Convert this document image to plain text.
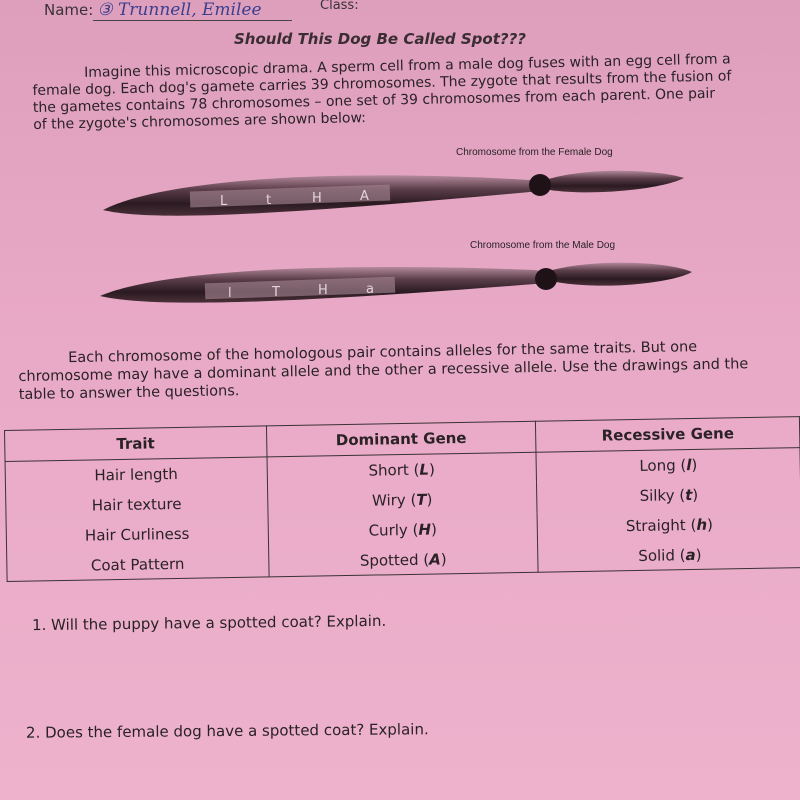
Name: ③ Trunnell, Emilee	Class:
Should This Dog Be Called Spot???
Imagine this microscopic drama. A sperm cell from a male dog fuses with an egg cell from a female dog. Each dog's gamete carries 39 chromosomes. The zygote that results from the fusion of the gametes contains 78 chromosomes – one set of 39 chromosomes from each parent. One pair of the zygote's chromosomes are shown below:
L	t	H	A
l	T	H	a
Chromosome from the Female Dog
Chromosome from the Male Dog
Each chromosome of the homologous pair contains alleles for the same traits. But one chromosome may have a dominant allele and the other a recessive allele. Use the drawings and the table to answer the questions.
Trait	Dominant Gene	Recessive Gene
Hair length	Short (L)	Long (l)
Hair texture	Wiry (T)	Silky (t)
Hair Curliness	Curly (H)	Straight (h)
Coat Pattern	Spotted (A)	Solid (a)
1. Will the puppy have a spotted coat? Explain.
2. Does the female dog have a spotted coat? Explain.
